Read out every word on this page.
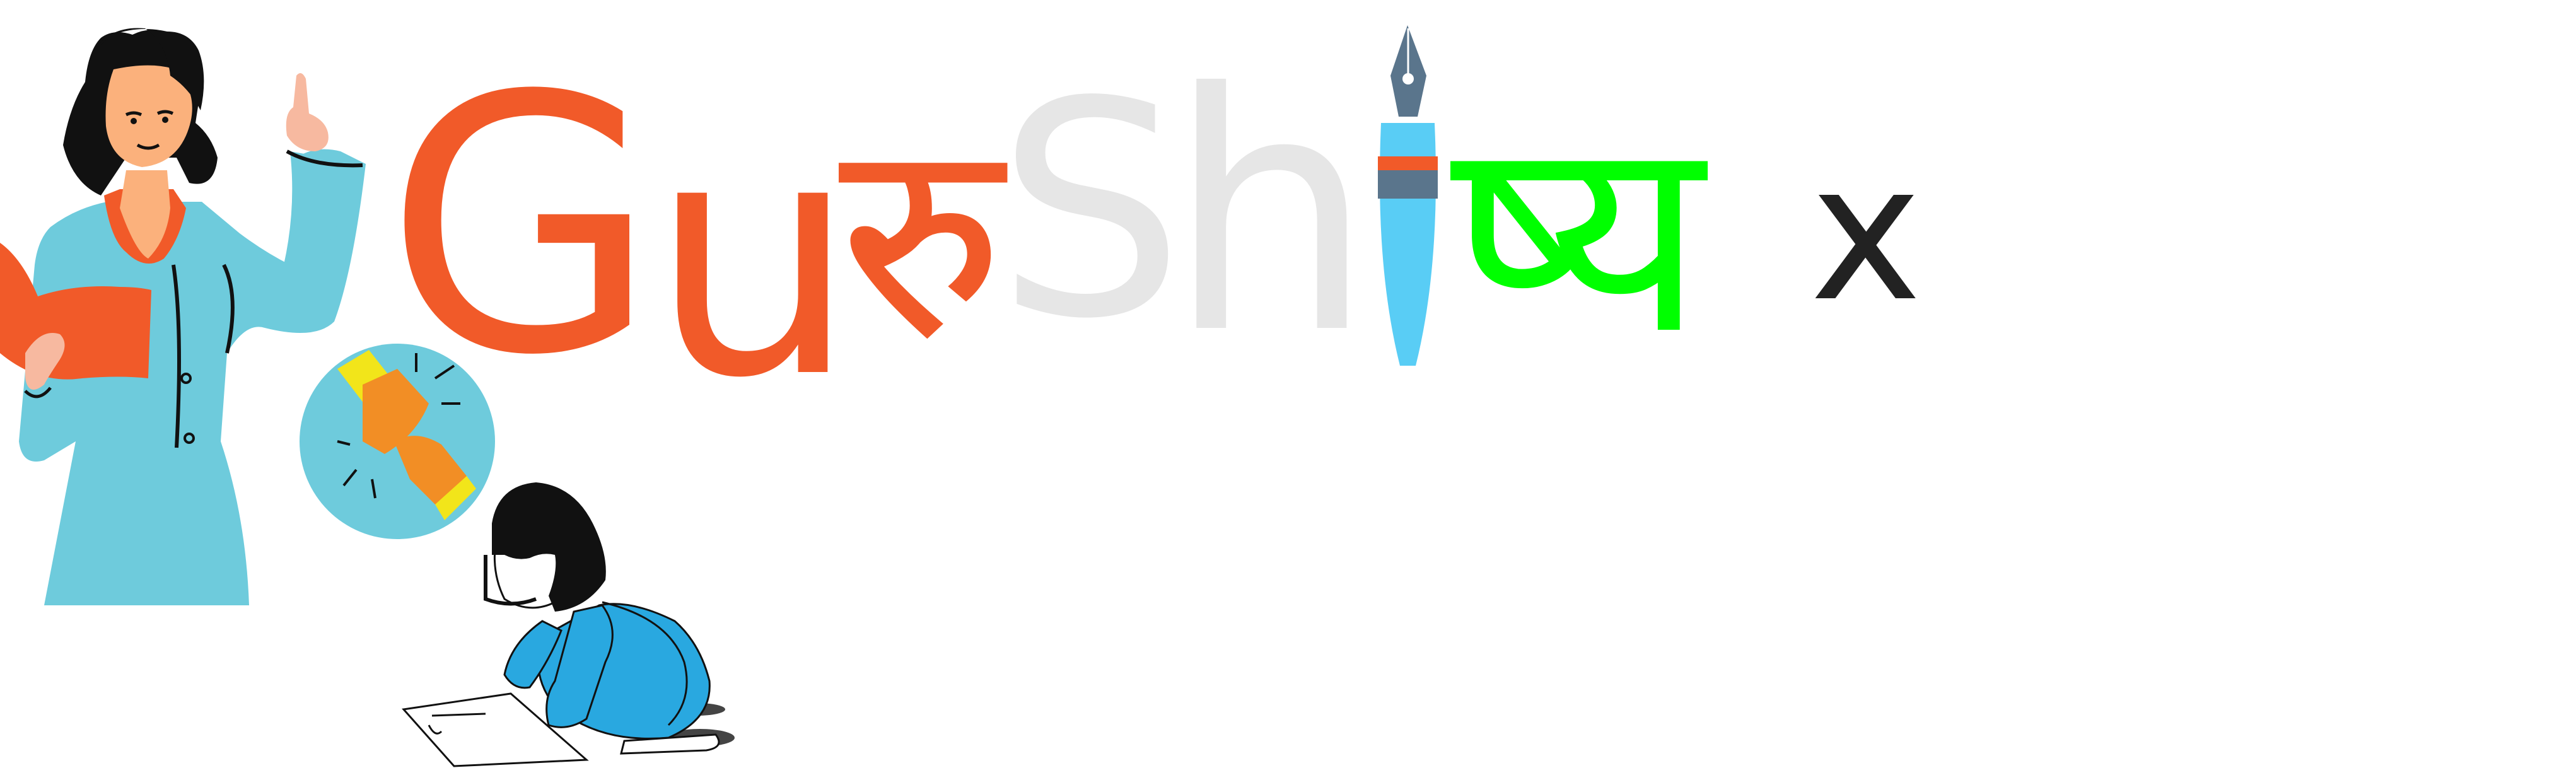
G
u
रु
S
h ष्य x
